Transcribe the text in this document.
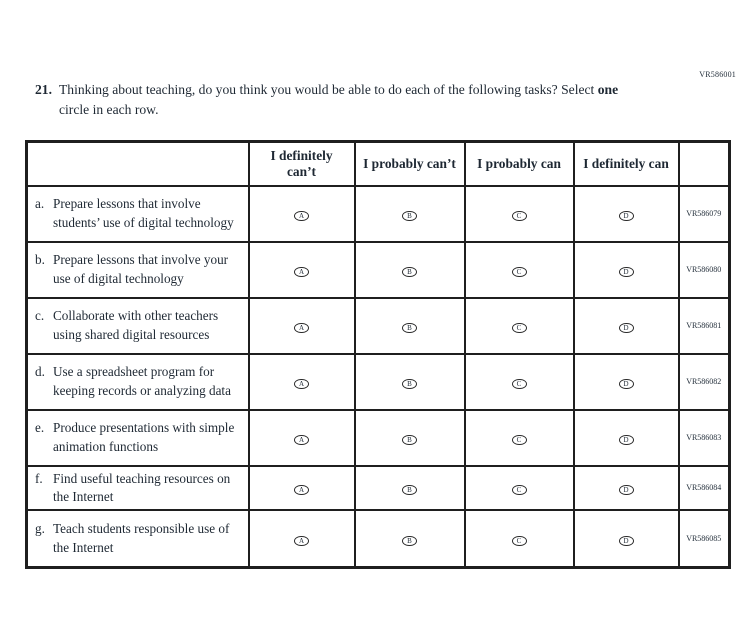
VR586001
21. Thinking about teaching, do you think you would be able to do each of the following tasks? Select one circle in each row.
	I definitely can’t	I probably can’t	I probably can	I definitely can	

a. Prepare lessons that involve students’ use of digital technology	A	B	C	D	VR586079

b. Prepare lessons that involve your use of digital technology	A	B	C	D	VR586080

c. Collaborate with other teachers using shared digital resources	A	B	C	D	VR586081

d. Use a spreadsheet program for keeping records or analyzing data	A	B	C	D	VR586082

e. Produce presentations with simple animation functions	A	B	C	D	VR586083

f. Find useful teaching resources on the Internet	A	B	C	D	VR586084

g. Teach students responsible use of the Internet	A	B	C	D	VR586085
